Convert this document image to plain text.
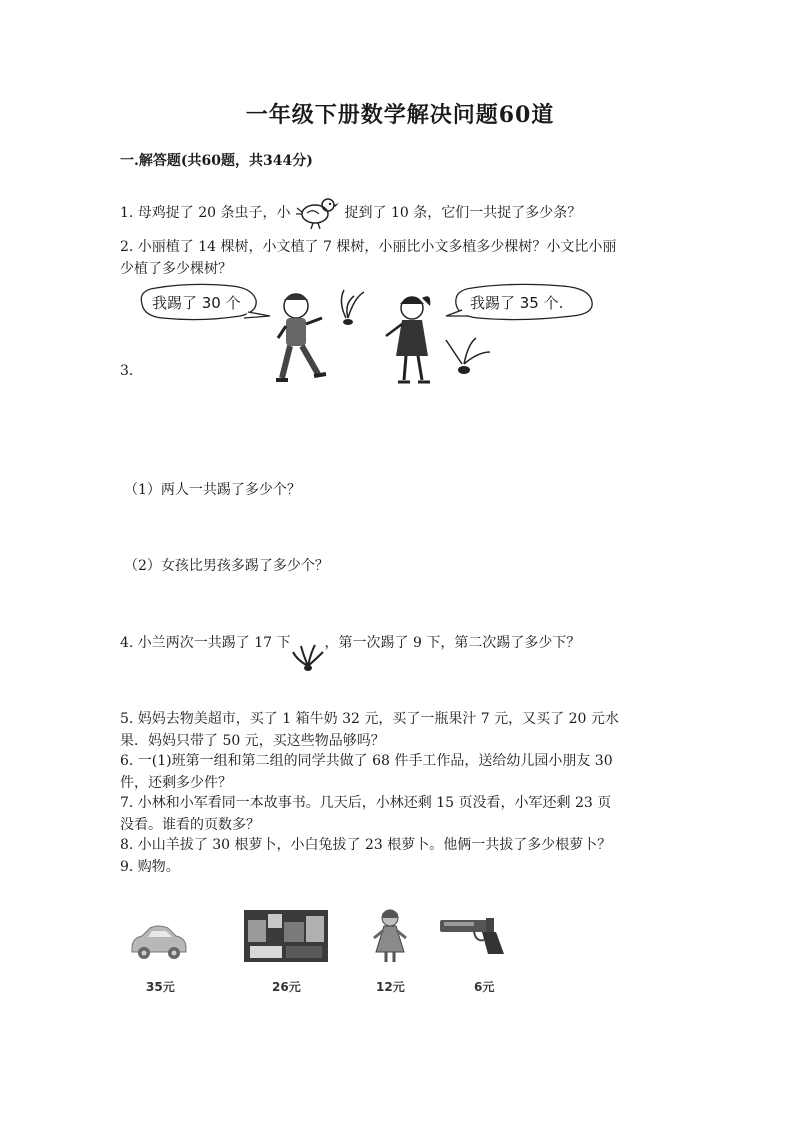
一年级下册数学解决问题60道
一.解答题(共60题，共344分)
1. 母鸡捉了 20 条虫子，小	捉到了 10 条，它们一共捉了多少条？
2. 小丽植了 14 棵树，小文植了 7 棵树，小丽比小文多植多少棵树？小文比小丽
少植了多少棵树？
我踢了 30 个	我踢了 35 个.
3.
（1）两人一共踢了多少个？
（2）女孩比男孩多踢了多少个？
4. 小兰两次一共踢了 17 下 ，第一次踢了 9 下，第二次踢了多少下？
5. 妈妈去物美超市，买了 1 箱牛奶 32 元，买了一瓶果汁 7 元，又买了 20 元水
果．妈妈只带了 50 元，买这些物品够吗？
6. 一(1)班第一组和第二组的同学共做了 68 件手工作品，送给幼儿园小朋友 30
件，还剩多少件？
7. 小林和小军看同一本故事书。几天后，小林还剩 15 页没看，小军还剩 23 页
没看。谁看的页数多？
8. 小山羊拔了 30 根萝卜，小白兔拔了 23 根萝卜。他俩一共拔了多少根萝卜？
9. 购物。
35元	26元	12元	6元
